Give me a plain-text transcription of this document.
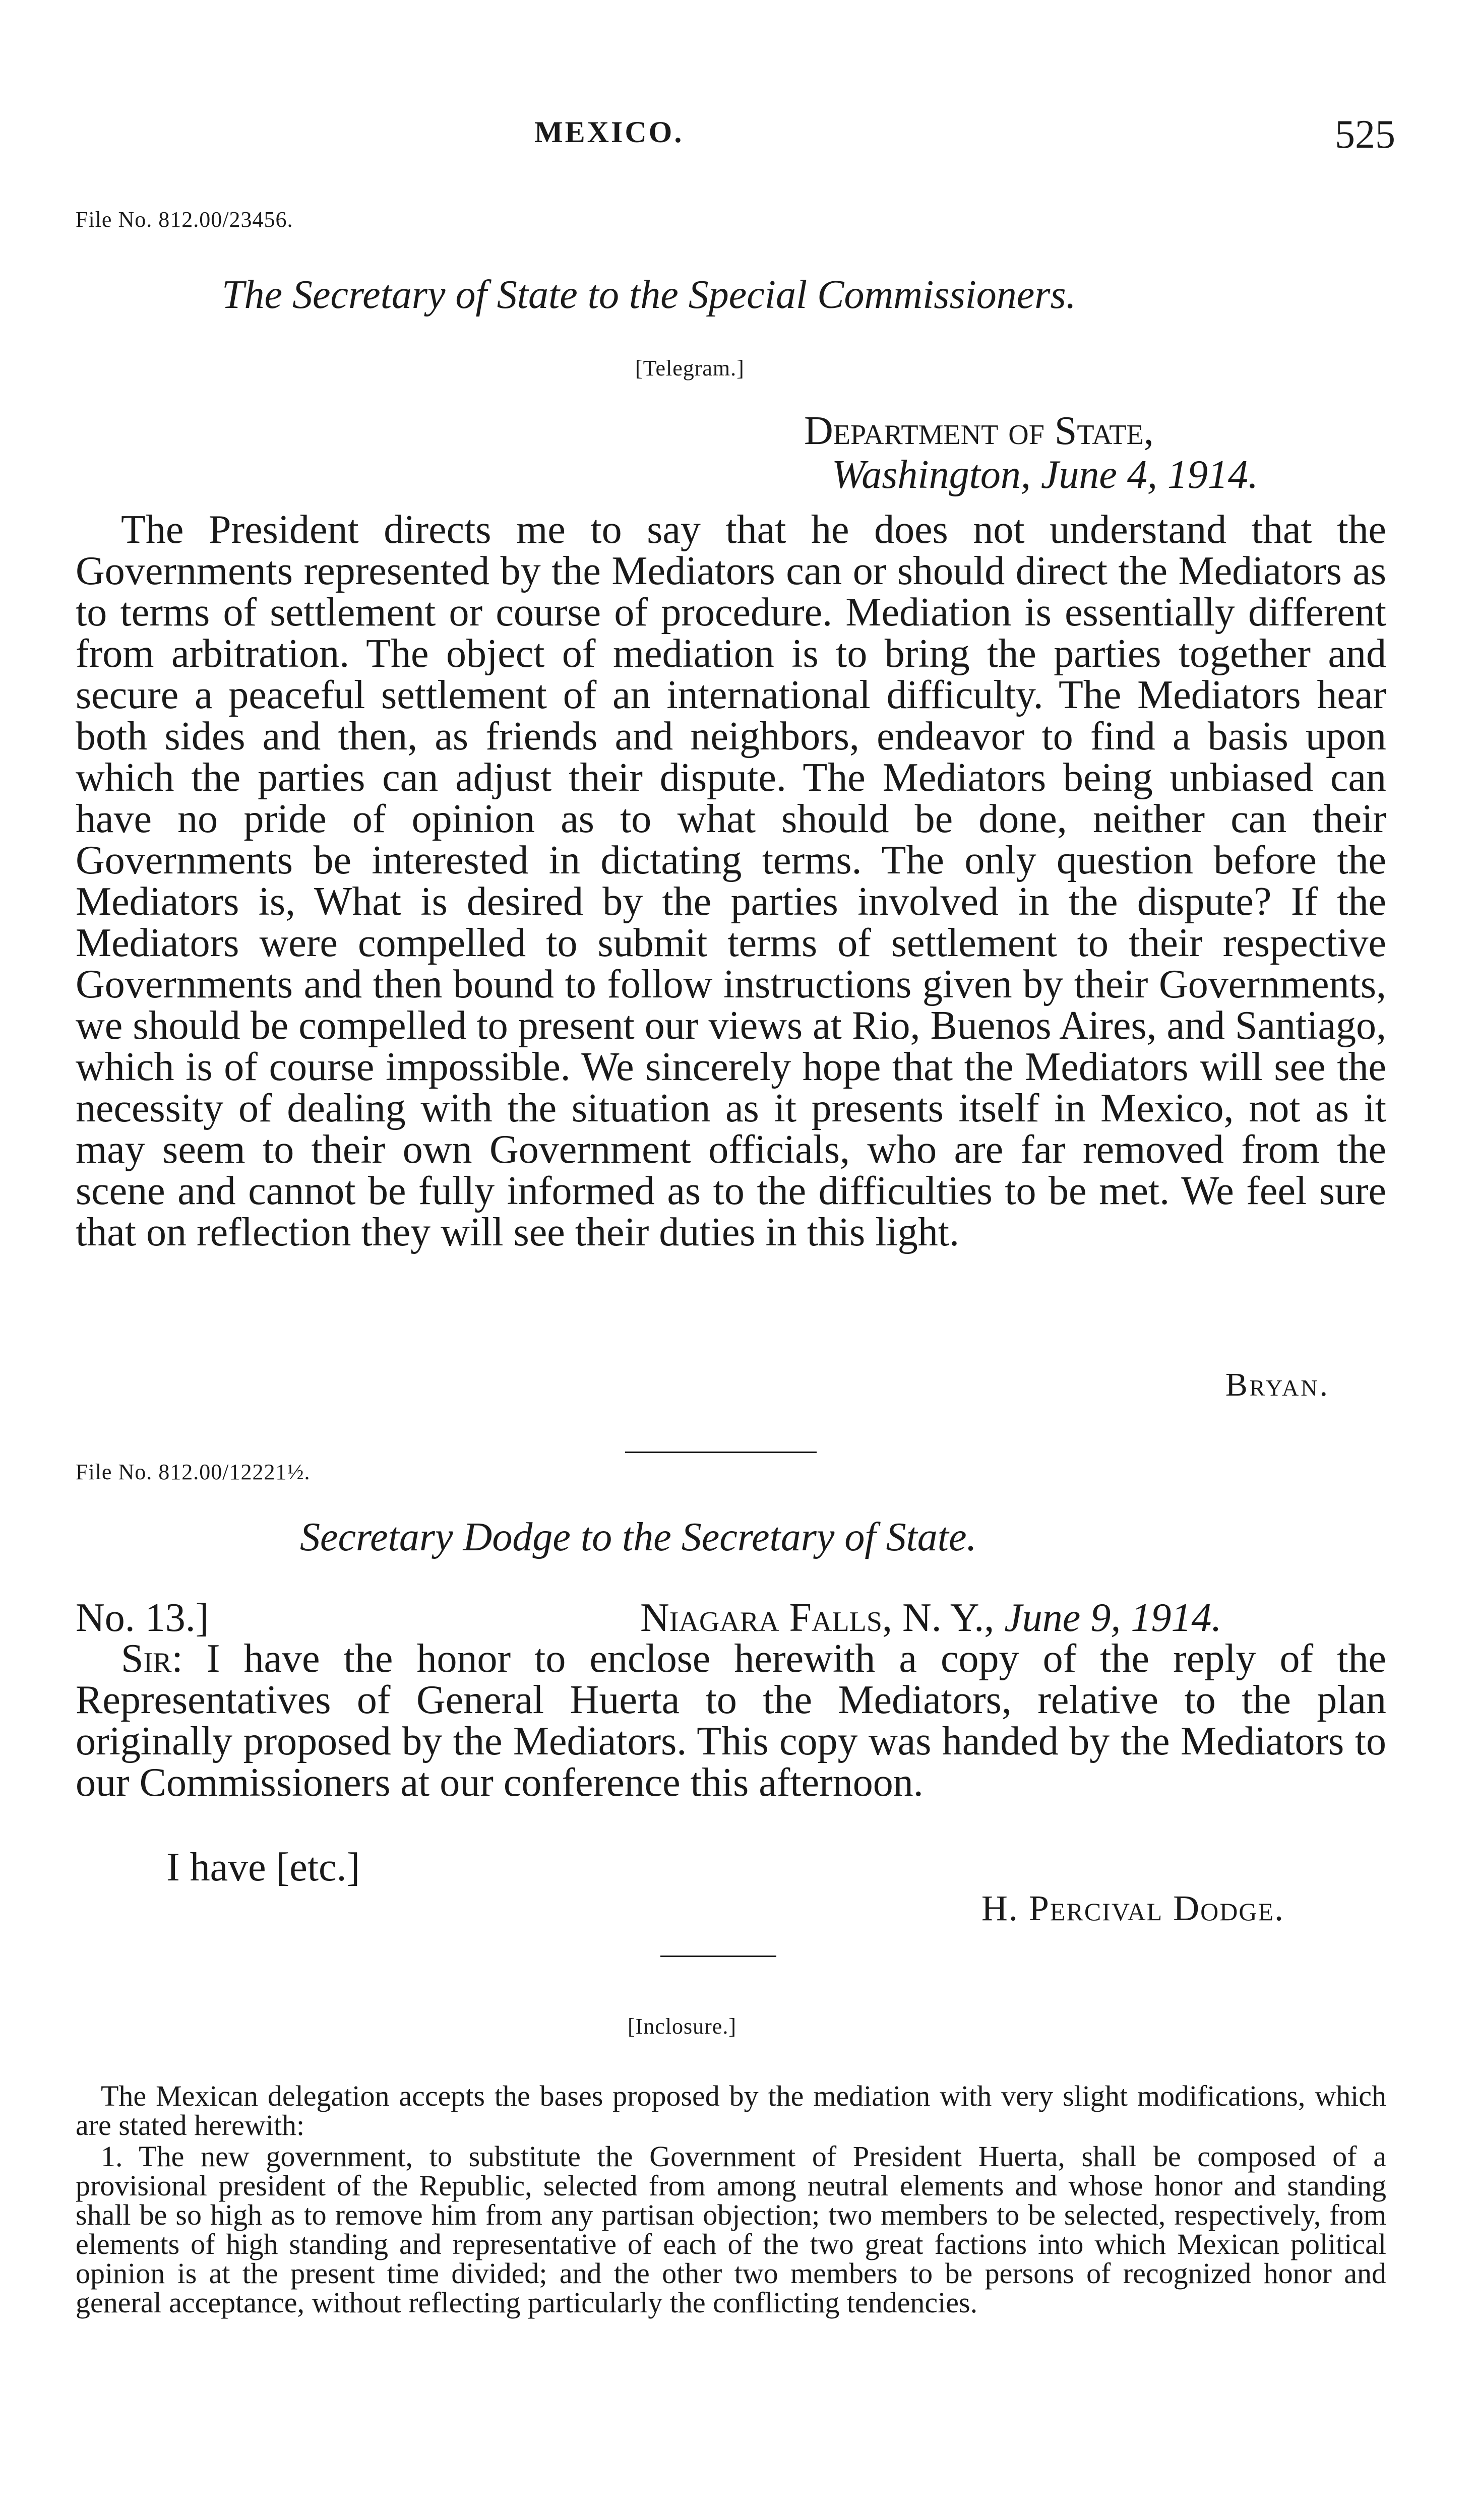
MEXICO.	525
File No. 812.00/23456.
The Secretary of State to the Special Commissioners.
[Telegram.]
Department of State,
Washington, June 4, 1914.

The President directs me to say that he does not understand that the Governments represented by the Mediators can or should direct the Mediators as to terms of settlement or course of procedure. Mediation is essentially different from arbitration. The object of mediation is to bring the parties together and secure a peaceful settlement of an international difficulty. The Mediators hear both sides and then, as friends and neighbors, endeavor to find a basis upon which the parties can adjust their dispute. The Mediators being unbiased can have no pride of opinion as to what should be done, neither can their Governments be interested in dictating terms. The only question before the Mediators is, What is desired by the parties involved in the dispute? If the Mediators were compelled to submit terms of settlement to their respective Governments and then bound to follow instructions given by their Governments, we should be compelled to present our views at Rio, Buenos Aires, and Santiago, which is of course impossible. We sincerely hope that the Mediators will see the necessity of dealing with the situation as it presents itself in Mexico, not as it may seem to their own Government officials, who are far removed from the scene and cannot be fully informed as to the difficulties to be met. We feel sure that on reflection they will see their duties in this light.

Bryan.
File No. 812.00/12221½.
Secretary Dodge to the Secretary of State.
No. 13.]	Niagara Falls, N. Y., June 9, 1914.

Sir: I have the honor to enclose herewith a copy of the reply of the Representatives of General Huerta to the Mediators, relative to the plan originally proposed by the Mediators. This copy was handed by the Mediators to our Commissioners at our conference this afternoon.

I have [etc.]
H. Percival Dodge.
[Inclosure.]

The Mexican delegation accepts the bases proposed by the mediation with very slight modifications, which are stated herewith:

1. The new government, to substitute the Government of President Huerta, shall be composed of a provisional president of the Republic, selected from among neutral elements and whose honor and standing shall be so high as to remove him from any partisan objection; two members to be selected, respectively, from elements of high standing and representative of each of the two great factions into which Mexican political opinion is at the present time divided; and the other two members to be persons of recognized honor and general acceptance, without reflecting particularly the conflicting tendencies.
